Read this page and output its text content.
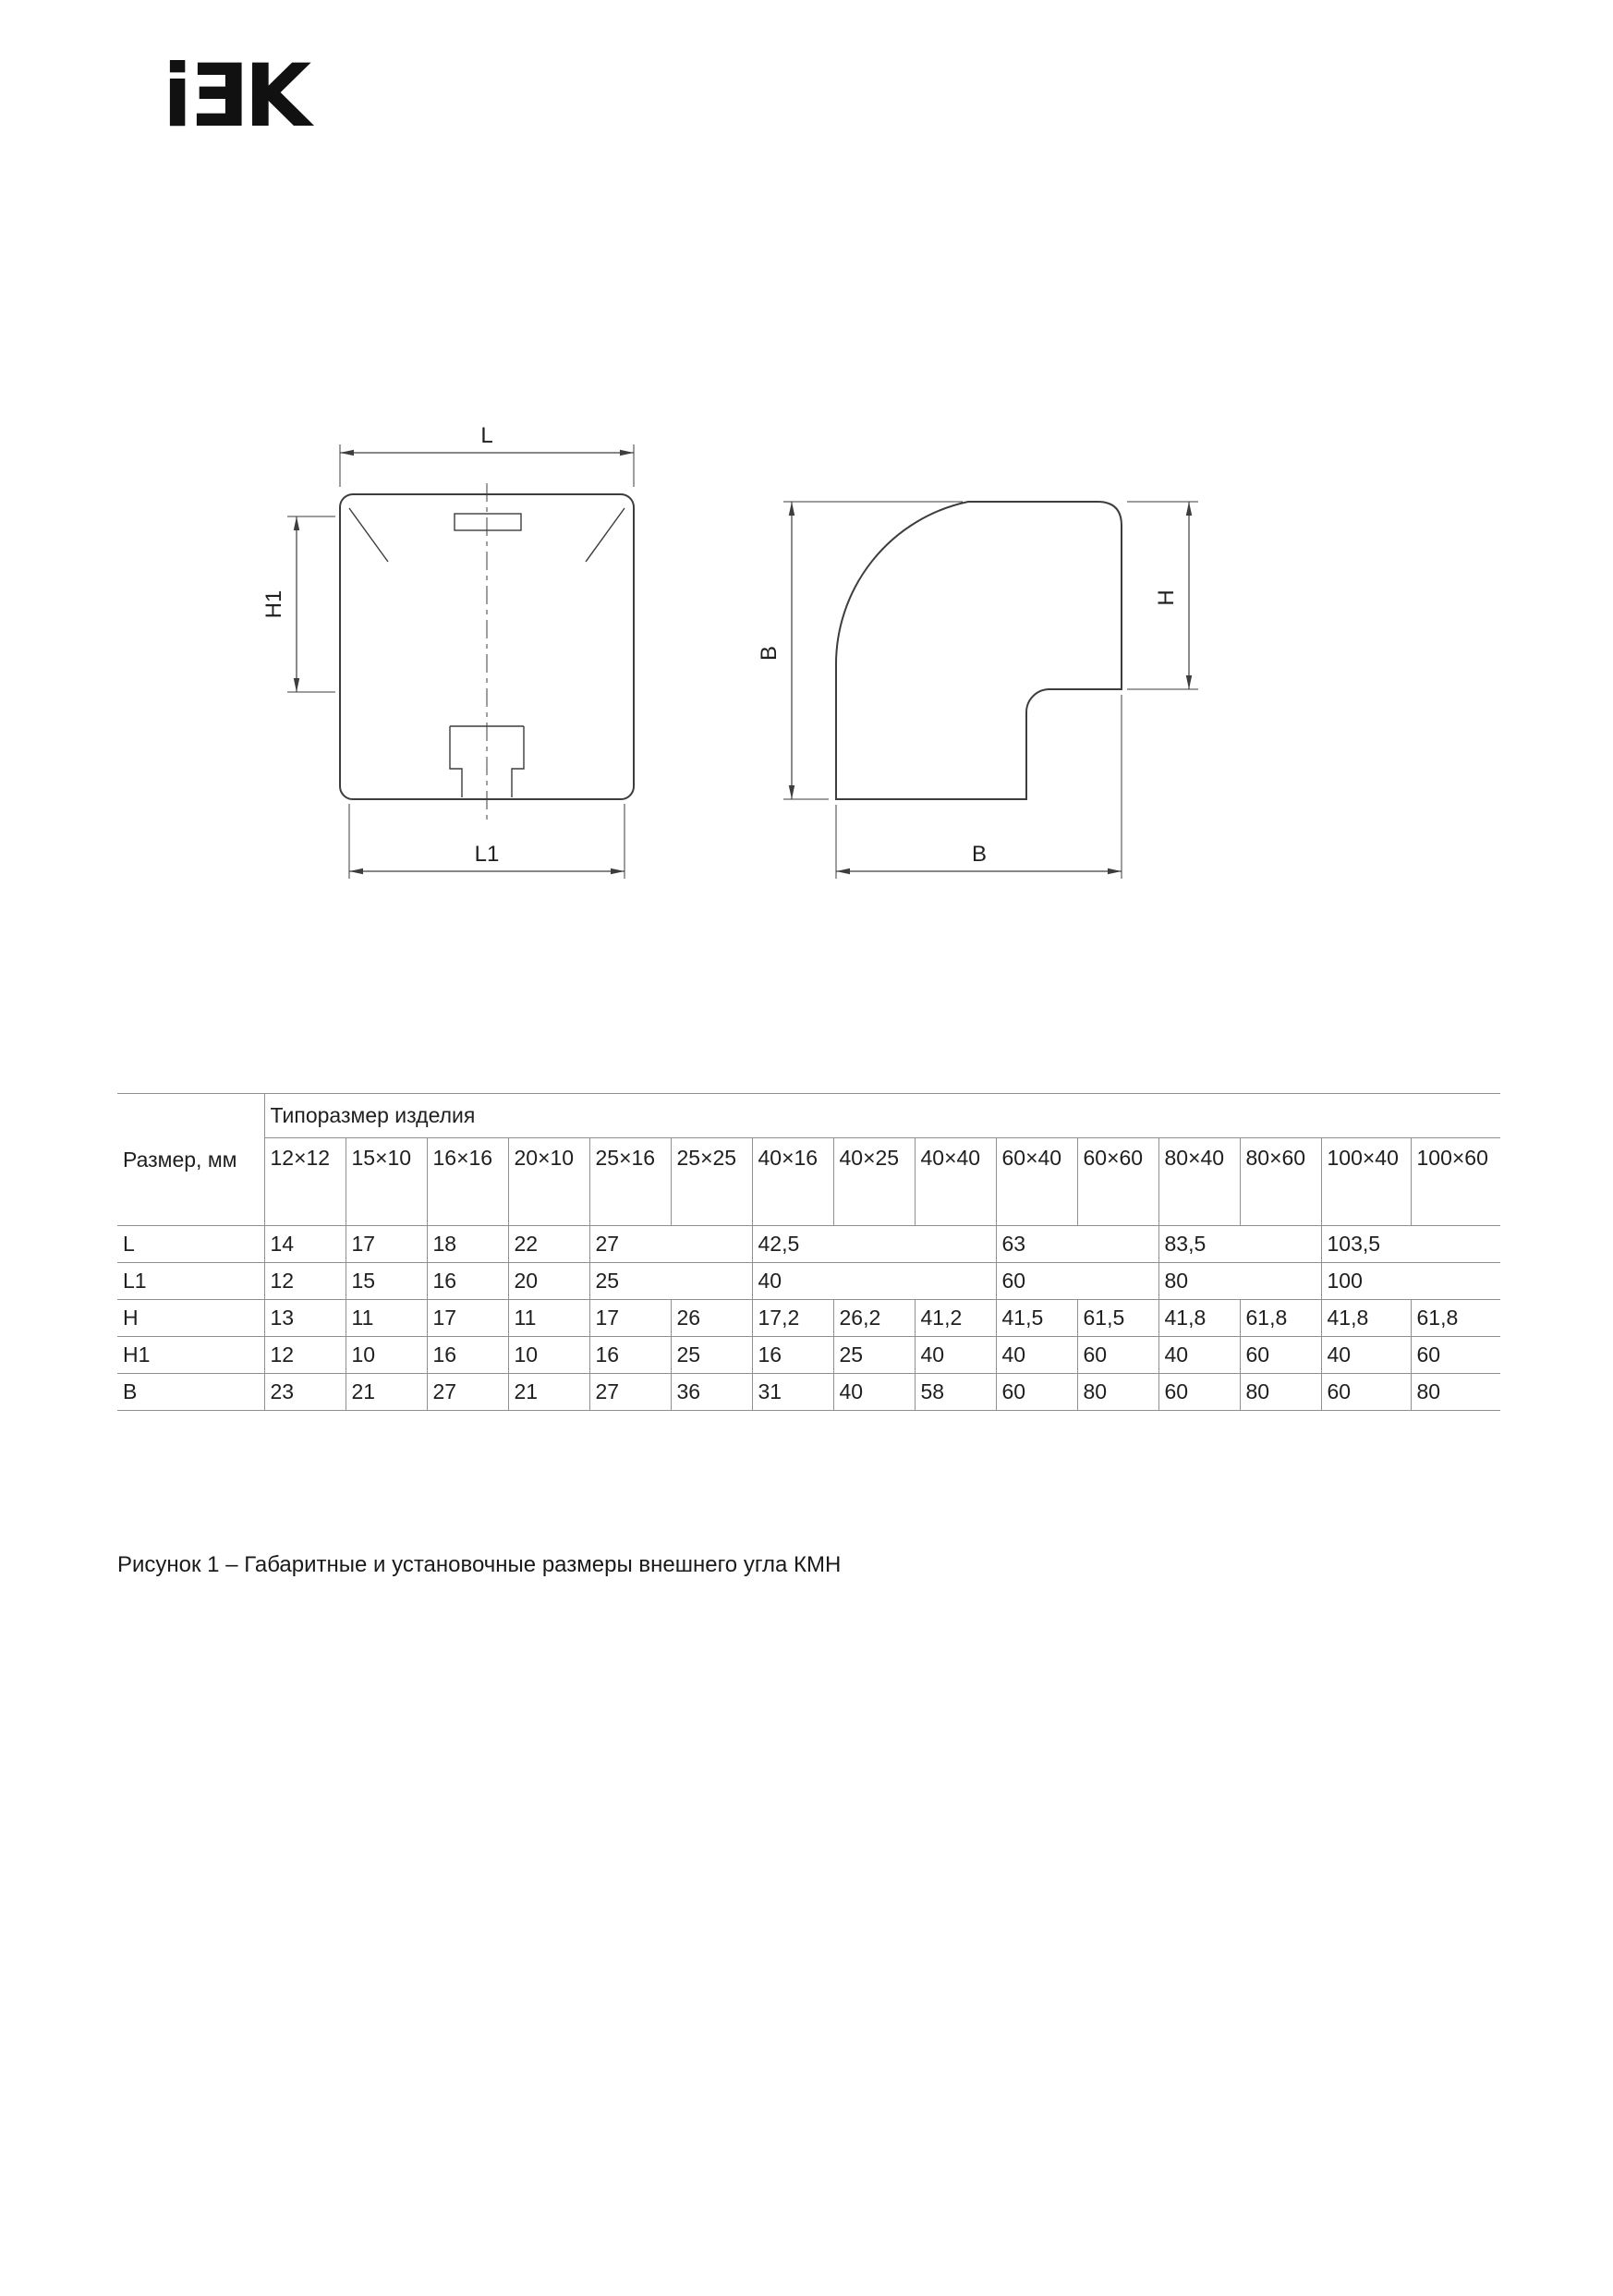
iƎK
L
H1
L1
B
H
B
Размер, мм	Типоразмер изделия														
	12×12	15×10	16×16	20×10	25×16	25×25	40×16	40×25	40×40	60×40	60×60	80×40	80×60	100×40	100×60
L	14	17	18	22	27		42,5			63		83,5		103,5	
L1	12	15	16	20	25		40			60		80		100	
H	13	11	17	11	17	26	17,2	26,2	41,2	41,5	61,5	41,8	61,8	41,8	61,8
H1	12	10	16	10	16	25	16	25	40	40	60	40	60	40	60
B	23	21	27	21	27	36	31	40	58	60	80	60	80	60	80
Рисунок 1 – Габаритные и установочные размеры внешнего угла КМН
